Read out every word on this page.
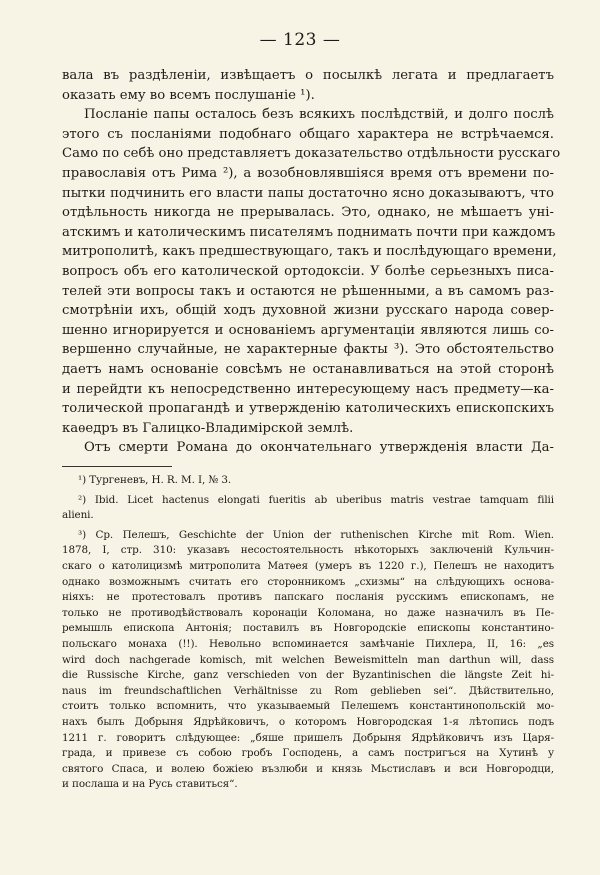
— 123 —
вала въ раздѣленіи, извѣщаетъ о посылкѣ легата и предлагаетъ
оказать ему во всемъ послушаніе ¹).
Посланіе папы осталось безъ всякихъ послѣдствій, и долго послѣ
этого съ посланіями подобнаго общаго характера не встрѣчаемся.
Само по себѣ оно представляетъ доказательство отдѣльности русскаго
православія отъ Рима ²), а возобновлявшіяся время отъ времени по-
пытки подчинить его власти папы достаточно ясно доказываютъ, что
отдѣльность никогда не прерывалась. Это, однако, не мѣшаетъ уні-
атскимъ и католическимъ писателямъ поднимать почти при каждомъ
митрополитѣ, какъ предшествующаго, такъ и послѣдующаго времени,
вопросъ объ его католической ортодоксіи. У болѣе серьезныхъ писа-
телей эти вопросы такъ и остаются не рѣшенными, а въ самомъ раз-
смотрѣніи ихъ, общій ходъ духовной жизни русскаго народа совер-
шенно игнорируется и основаніемъ аргументаціи являются лишь со-
вершенно случайные, не характерные факты ³). Это обстоятельство
даетъ намъ основаніе совсѣмъ не останавливаться на этой сторонѣ
и перейдти къ непосредственно интересующему насъ предмету—ка-
толической пропагандѣ и утвержденію католическихъ епископскихъ
каѳедръ въ Галицко-Владимірской землѣ.
Отъ смерти Романа до окончательнаго утвержденія власти Да-
¹) Тургеневъ, H. R. M. I, № 3.
²) Ibid. Licet hactenus elongati fueritis ab uberibus matris vestrae tamquam filii
alieni.
³) Ср. Пелешъ, Geschichte der Union der ruthenischen Kirche mit Rom. Wien.
1878, I, стр. 310: указавъ несостоятельность нѣкоторыхъ заключеній Кульчин-
скаго о католицизмѣ митрополита Матѳея (умеръ въ 1220 г.), Пелешъ не находитъ
однако возможнымъ считать его сторонникомъ „схизмы“ на слѣдующихъ основа-
ніяхъ: не протестовалъ противъ папскаго посланія русскимъ епископамъ, не
только не противодѣйствовалъ коронаціи Коломана, но даже назначилъ въ Пе-
ремышль епископа Антонія; поставилъ въ Новгородскіе епископы константино-
польскаго монаха (!!). Невольно вспоминается замѣчаніе Пихлера, II, 16: „es
wird doch nachgerade komisch, mit welchen Beweismitteln man darthun will, dass
die Russische Kirche, ganz verschieden von der Byzantinischen die längste Zeit hi-
naus im freundschaftlichen Verhältnisse zu Rom geblieben sei“. Дѣйствительно,
стоитъ только вспомнить, что указываемый Пелешемъ константинопольскій мо-
нахъ былъ Добрыня Ядрѣйковичъ, о которомъ Новгородская 1-я лѣтопись подъ
1211 г. говоритъ слѣдующее: „бяше пришелъ Добрыня Ядрѣйковичъ изъ Царя-
града, и привезе съ собою гробъ Господень, а самъ постригъся на Хутинѣ у
святого Спаса, и волею божіею възлюби и князь Мьстиславъ и вси Новгородци,
и послаша и на Русь ставиться“.
